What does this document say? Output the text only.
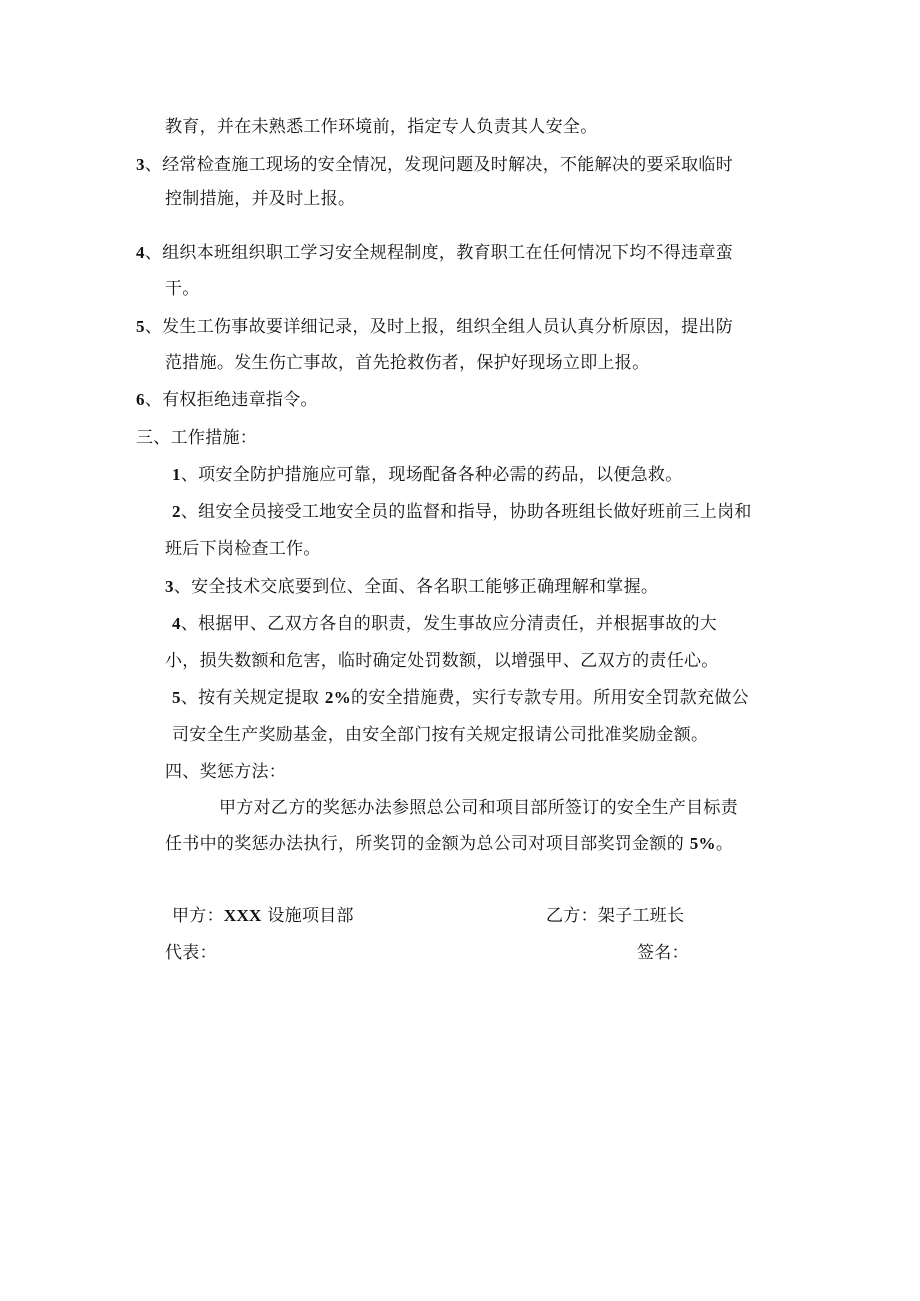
教育，并在未熟悉工作环境前，指定专人负责其人安全。
3、经常检查施工现场的安全情况，发现问题及时解决，不能解决的要采取临时
控制措施，并及时上报。
4、组织本班组织职工学习安全规程制度，教育职工在任何情况下均不得违章蛮
干。
5、发生工伤事故要详细记录，及时上报，组织全组人员认真分析原因，提出防
范措施。发生伤亡事故，首先抢救伤者，保护好现场立即上报。
6、有权拒绝违章指令。
三、工作措施：
1、项安全防护措施应可靠，现场配备各种必需的药品，以便急救。
2、组安全员接受工地安全员的监督和指导，协助各班组长做好班前三上岗和
班后下岗检查工作。
3、安全技术交底要到位、全面、各名职工能够正确理解和掌握。
4、根据甲、乙双方各自的职责，发生事故应分清责任，并根据事故的大
小，损失数额和危害，临时确定处罚数额，以增强甲、乙双方的责任心。
5、按有关规定提取 2%的安全措施费，实行专款专用。所用安全罚款充做公
司安全生产奖励基金，由安全部门按有关规定报请公司批准奖励金额。
四、奖惩方法：
甲方对乙方的奖惩办法参照总公司和项目部所签订的安全生产目标责
任书中的奖惩办法执行，所奖罚的金额为总公司对项目部奖罚金额的 5%。
甲方：XXX 设施项目部	乙方：架子工班长
代表：	签名：
